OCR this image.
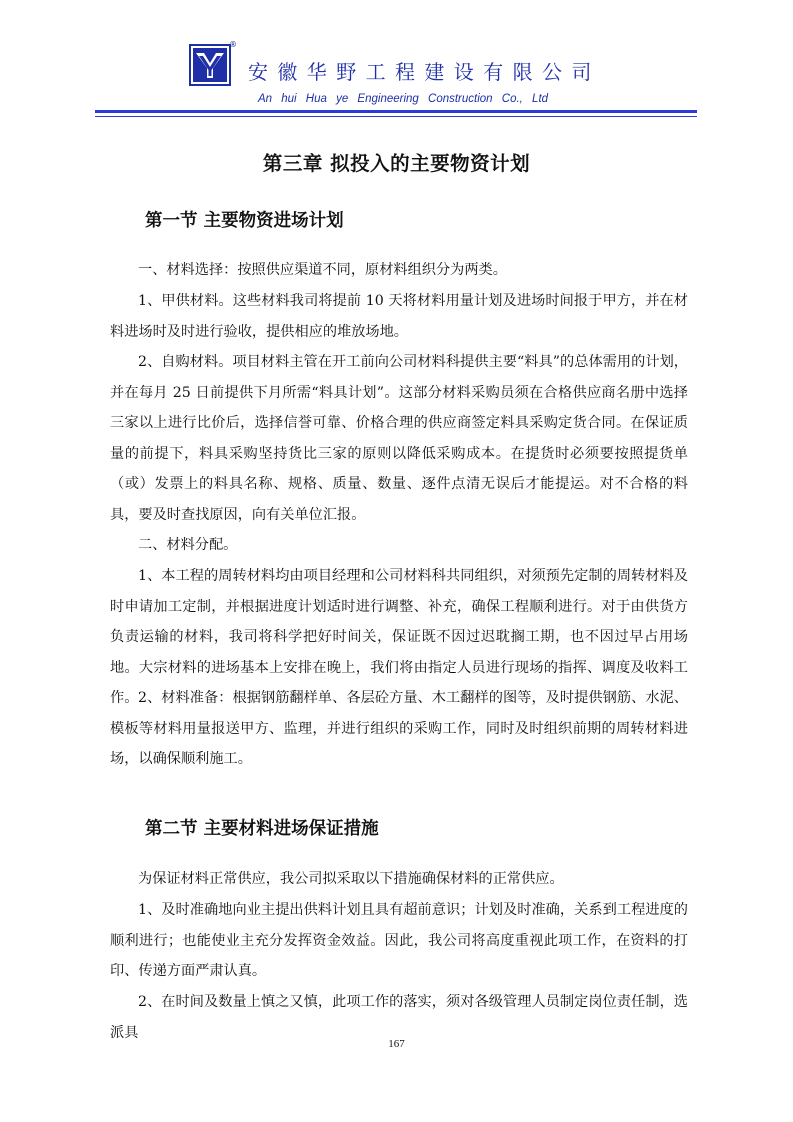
®
安徽华野工程建设有限公司
An hui Hua ye Engineering Construction Co., Ltd
第三章 拟投入的主要物资计划
第一节 主要物资进场计划
一、材料选择：按照供应渠道不同，原材料组织分为两类。
1、甲供材料。这些材料我司将提前 10 天将材料用量计划及进场时间报于甲方，并在材料进场时及时进行验收，提供相应的堆放场地。
2、自购材料。项目材料主管在开工前向公司材料科提供主要“料具”的总体需用的计划，并在每月 25 日前提供下月所需“料具计划”。这部分材料采购员须在合格供应商名册中选择三家以上进行比价后，选择信誉可靠、价格合理的供应商签定料具采购定货合同。在保证质量的前提下，料具采购坚持货比三家的原则以降低采购成本。在提货时必须要按照提货单（或）发票上的料具名称、规格、质量、数量、逐件点清无误后才能提运。对不合格的料具，要及时查找原因，向有关单位汇报。
二、材料分配。
1、本工程的周转材料均由项目经理和公司材料科共同组织，对须预先定制的周转材料及时申请加工定制，并根据进度计划适时进行调整、补充，确保工程顺利进行。对于由供货方负责运输的材料，我司将科学把好时间关，保证既不因过迟耽搁工期，也不因过早占用场地。大宗材料的进场基本上安排在晚上，我们将由指定人员进行现场的指挥、调度及收料工作。 2、材料准备：根据钢筋翻样单、各层砼方量、木工翻样的图等，及时提供钢筋、水泥、模板等材料用量报送甲方、监理，并进行组织的采购工作，同时及时组织前期的周转材料进场，以确保顺利施工。
第二节 主要材料进场保证措施
为保证材料正常供应，我公司拟采取以下措施确保材料的正常供应。
1、及时准确地向业主提出供料计划且具有超前意识；计划及时准确，关系到工程进度的顺利进行；也能使业主充分发挥资金效益。因此，我公司将高度重视此项工作，在资料的打印、传递方面严肃认真。
2、在时间及数量上慎之又慎，此项工作的落实，须对各级管理人员制定岗位责任制，选派具
167
